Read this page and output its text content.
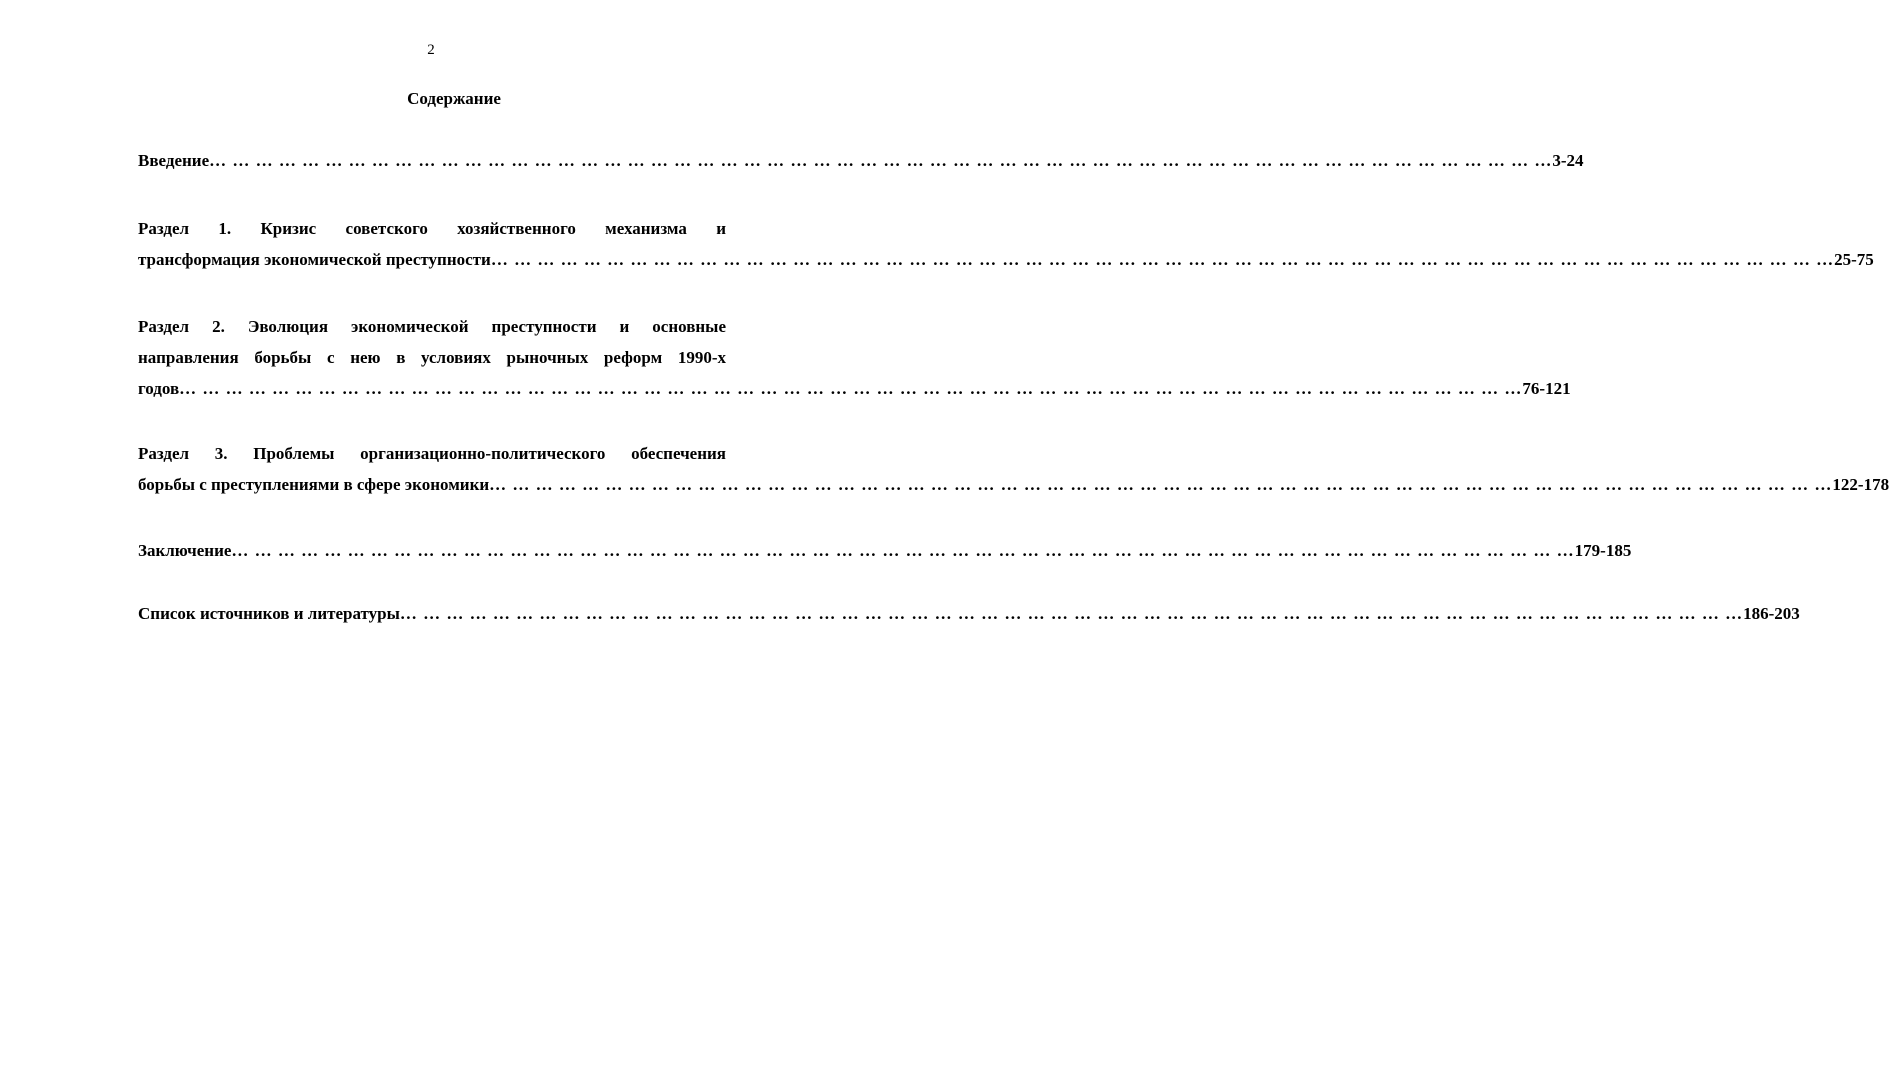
2
Содержание
Введение … … … … … … … … … … … … … … … … … … … … … … … … … … … … … … … … … … … … … … … … … … … … … … … … … … … … … … … … … … 3-24
Раздел 1. Кризис советского хозяйственного механизма и
трансформация экономической преступности … … … … … … … … … … … … … … … … … … … … … … … … … … … … … … … … … … … … … … … … … … … … … … … … … … … … … … … … … … 25-75
Раздел 2. Эволюция экономической преступности и основные
направления борьбы с нею в условиях рыночных реформ 1990-х
годов … … … … … … … … … … … … … … … … … … … … … … … … … … … … … … … … … … … … … … … … … … … … … … … … … … … … … … … … … … 76-121
Раздел 3. Проблемы организационно-политического обеспечения
борьбы с преступлениями в сфере экономики … … … … … … … … … … … … … … … … … … … … … … … … … … … … … … … … … … … … … … … … … … … … … … … … … … … … … … … … … … 122-178
Заключение … … … … … … … … … … … … … … … … … … … … … … … … … … … … … … … … … … … … … … … … … … … … … … … … … … … … … … … … … … 179-185
Список источников и литературы … … … … … … … … … … … … … … … … … … … … … … … … … … … … … … … … … … … … … … … … … … … … … … … … … … … … … … … … … … 186-203
